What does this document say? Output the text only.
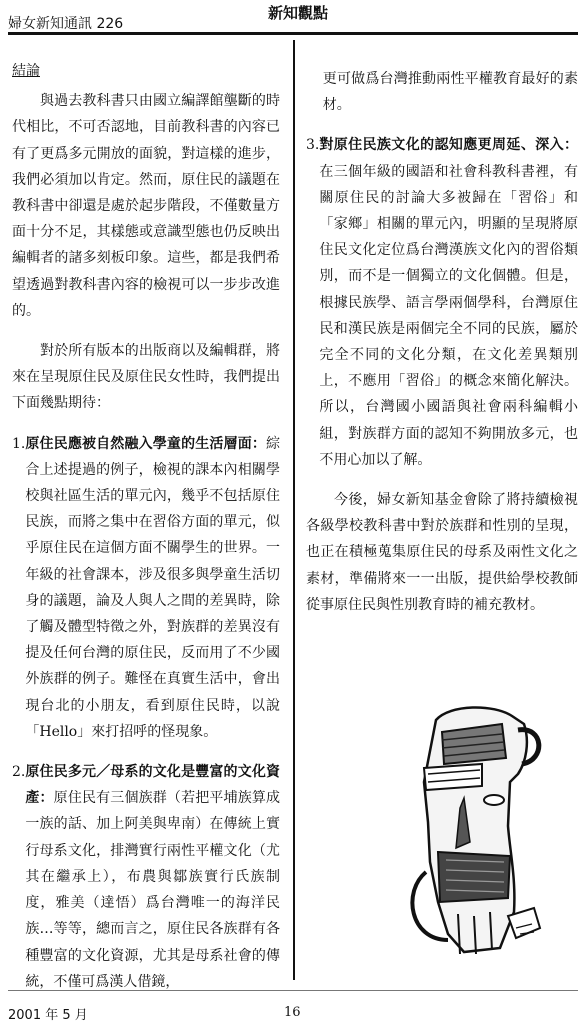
婦女新知通訊 226
新知觀點

結論

與過去教科書只由國立編譯館壟斷的時代相比，不可否認地，目前教科書的內容已有了更爲多元開放的面貌，對這樣的進步，我們必須加以肯定。然而，原住民的議題在教科書中卻還是處於起步階段，不僅數量方面十分不足，其樣態或意識型態也仍反映出編輯者的諸多刻板印象。這些，都是我們希望透過對教科書內容的檢視可以一步步改進的。

對於所有版本的出版商以及編輯群，將來在呈現原住民及原住民女性時，我們提出下面幾點期待：

1. 原住民應被自然融入學童的生活層面：綜合上述提過的例子，檢視的課本內相關學校與社區生活的單元內，幾乎不包括原住民族，而將之集中在習俗方面的單元，似乎原住民在這個方面不關學生的世界。一年級的社會課本，涉及很多與學童生活切身的議題，論及人與人之間的差異時，除了觸及體型特徵之外，對族群的差異沒有提及任何台灣的原住民，反而用了不少國外族群的例子。難怪在真實生活中，會出現台北的小朋友，看到原住民時，以說「Hello」來打招呼的怪現象。
2. 原住民多元／母系的文化是豐富的文化資產：原住民有三個族群（若把平埔族算成一族的話、加上阿美與卑南）在傳統上實行母系文化，排灣實行兩性平權文化（尤其在繼承上），布農與鄒族實行氏族制度，雅美（達悟）爲台灣唯一的海洋民族…等等，總而言之，原住民各族群有各種豐富的文化資源，尤其是母系社會的傳統，不僅可爲漢人借鏡，

更可做爲台灣推動兩性平權教育最好的素材。

3. 對原住民族文化的認知應更周延、深入：在三個年級的國語和社會科教科書裡，有關原住民的討論大多被歸在「習俗」和「家鄉」相關的單元內，明顯的呈現將原住民文化定位爲台灣漢族文化內的習俗類別，而不是一個獨立的文化個體。但是，根據民族學、語言學兩個學科，台灣原住民和漢民族是兩個完全不同的民族，屬於完全不同的文化分類，在文化差異類別上，不應用「習俗」的概念來簡化解決。所以，台灣國小國語與社會兩科編輯小組，對族群方面的認知不夠開放多元，也不用心加以了解。

今後，婦女新知基金會除了將持續檢視各級學校教科書中對於族群和性別的呈現，也正在積極蒐集原住民的母系及兩性文化之素材，準備將來一一出版，提供給學校教師從事原住民與性別教育時的補充教材。

2001 年 5 月	16
